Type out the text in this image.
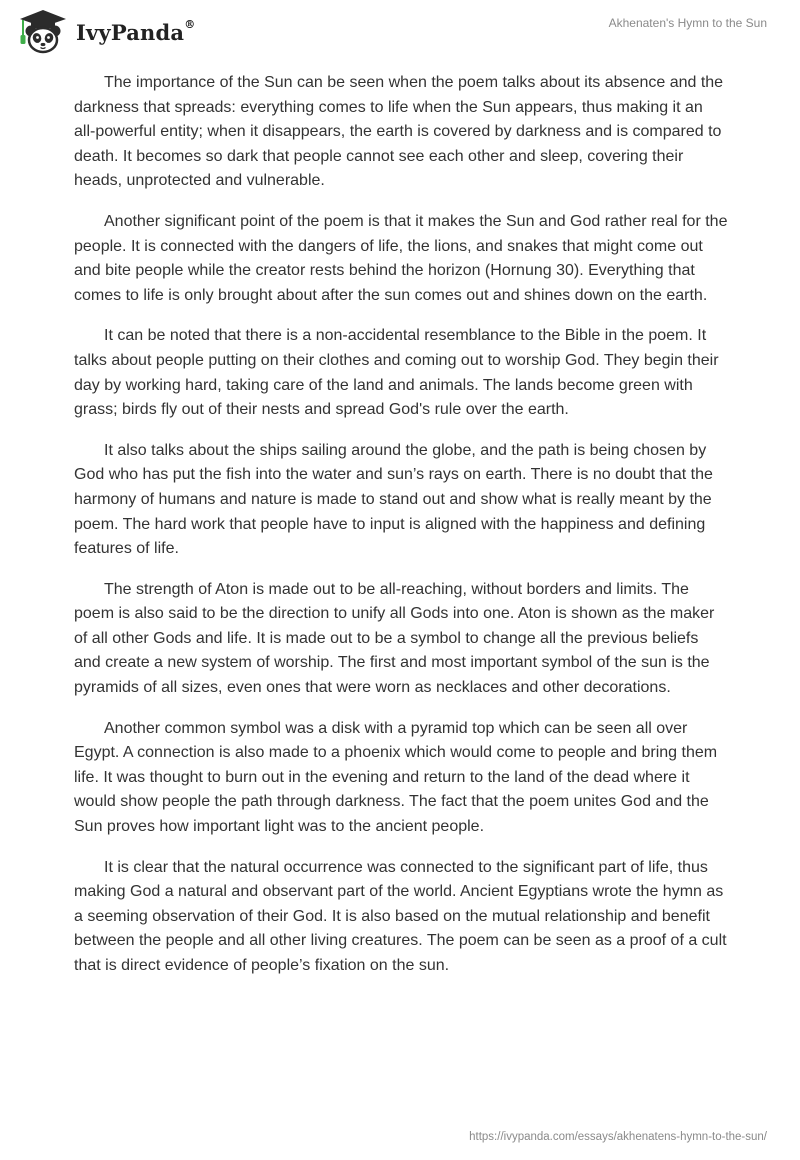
IvyPanda®	Akhenaten's Hymn to the Sun

The importance of the Sun can be seen when the poem talks about its absence and the darkness that spreads: everything comes to life when the Sun appears, thus making it an all-powerful entity; when it disappears, the earth is covered by darkness and is compared to death. It becomes so dark that people cannot see each other and sleep, covering their heads, unprotected and vulnerable.

Another significant point of the poem is that it makes the Sun and God rather real for the people. It is connected with the dangers of life, the lions, and snakes that might come out and bite people while the creator rests behind the horizon (Hornung 30). Everything that comes to life is only brought about after the sun comes out and shines down on the earth.

It can be noted that there is a non-accidental resemblance to the Bible in the poem. It talks about people putting on their clothes and coming out to worship God. They begin their day by working hard, taking care of the land and animals. The lands become green with grass; birds fly out of their nests and spread God's rule over the earth.

It also talks about the ships sailing around the globe, and the path is being chosen by God who has put the fish into the water and sun’s rays on earth. There is no doubt that the harmony of humans and nature is made to stand out and show what is really meant by the poem. The hard work that people have to input is aligned with the happiness and defining features of life.

The strength of Aton is made out to be all-reaching, without borders and limits. The poem is also said to be the direction to unify all Gods into one. Aton is shown as the maker of all other Gods and life. It is made out to be a symbol to change all the previous beliefs and create a new system of worship. The first and most important symbol of the sun is the pyramids of all sizes, even ones that were worn as necklaces and other decorations.

Another common symbol was a disk with a pyramid top which can be seen all over Egypt. A connection is also made to a phoenix which would come to people and bring them life. It was thought to burn out in the evening and return to the land of the dead where it would show people the path through darkness. The fact that the poem unites God and the Sun proves how important light was to the ancient people.

It is clear that the natural occurrence was connected to the significant part of life, thus making God a natural and observant part of the world. Ancient Egyptians wrote the hymn as a seeming observation of their God. It is also based on the mutual relationship and benefit between the people and all other living creatures. The poem can be seen as a proof of a cult that is direct evidence of people’s fixation on the sun.

https://ivypanda.com/essays/akhenatens-hymn-to-the-sun/
